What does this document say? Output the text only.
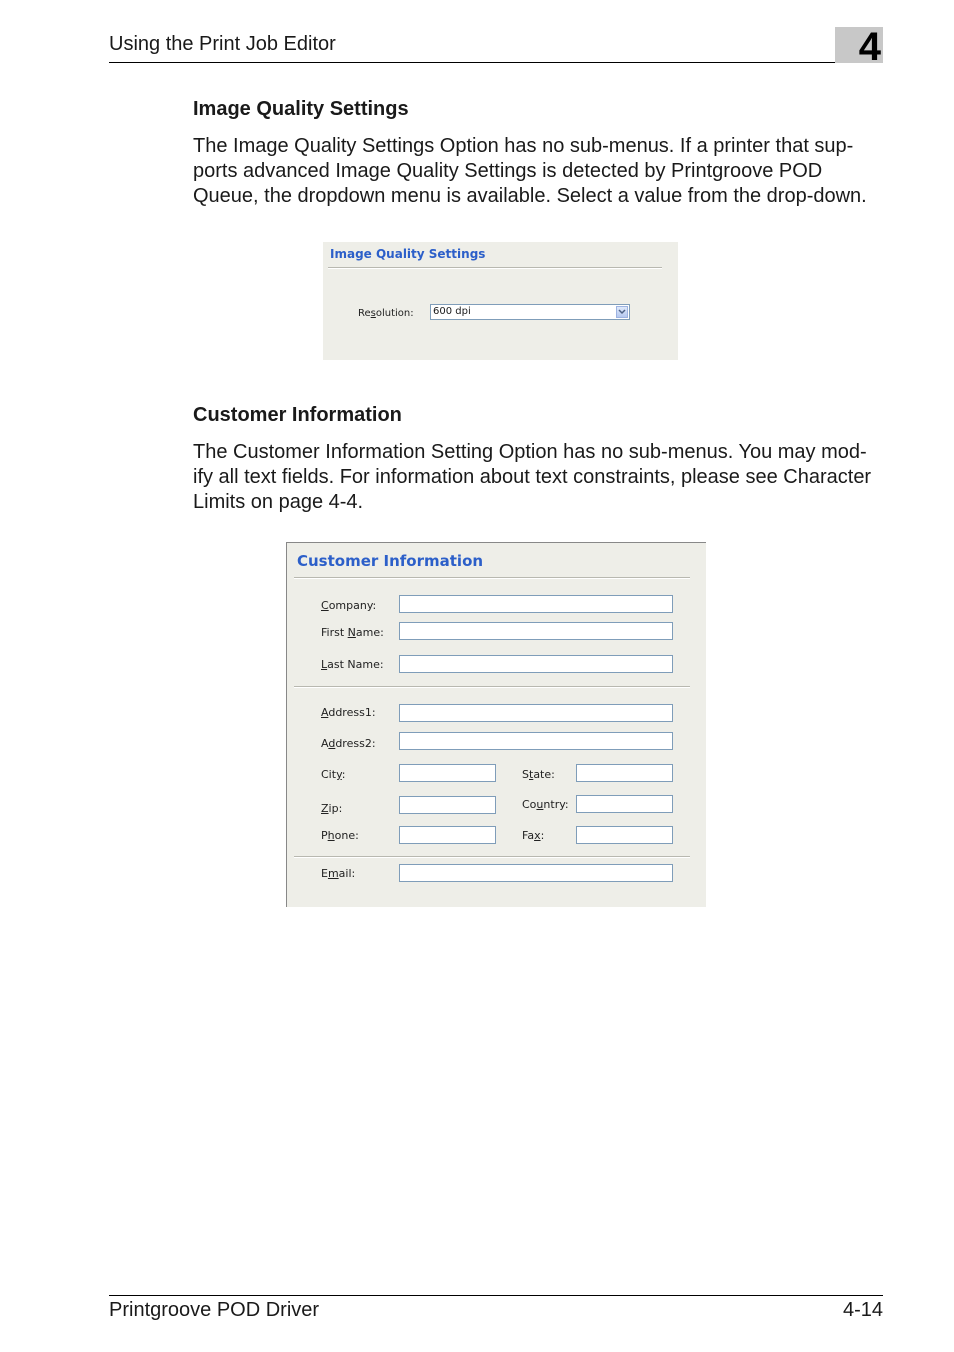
Using the Print Job Editor	4
Image Quality Settings
The Image Quality Settings Option has no sub-menus. If a printer that sup-
ports advanced Image Quality Settings is detected by Printgroove POD
Queue, the dropdown menu is available. Select a value from the drop-down.
Image Quality Settings
Resolution:	600 dpi
Customer Information
The Customer Information Setting Option has no sub-menus. You may mod-
ify all text fields. For information about text constraints, please see Character
Limits on page 4-4.
Customer Information
Company:
First Name:
Last Name:
Address1:
Address2:
City:	State:
Zip:	Country:
Phone:	Fax:
Email:
Printgroove POD Driver	4-14
